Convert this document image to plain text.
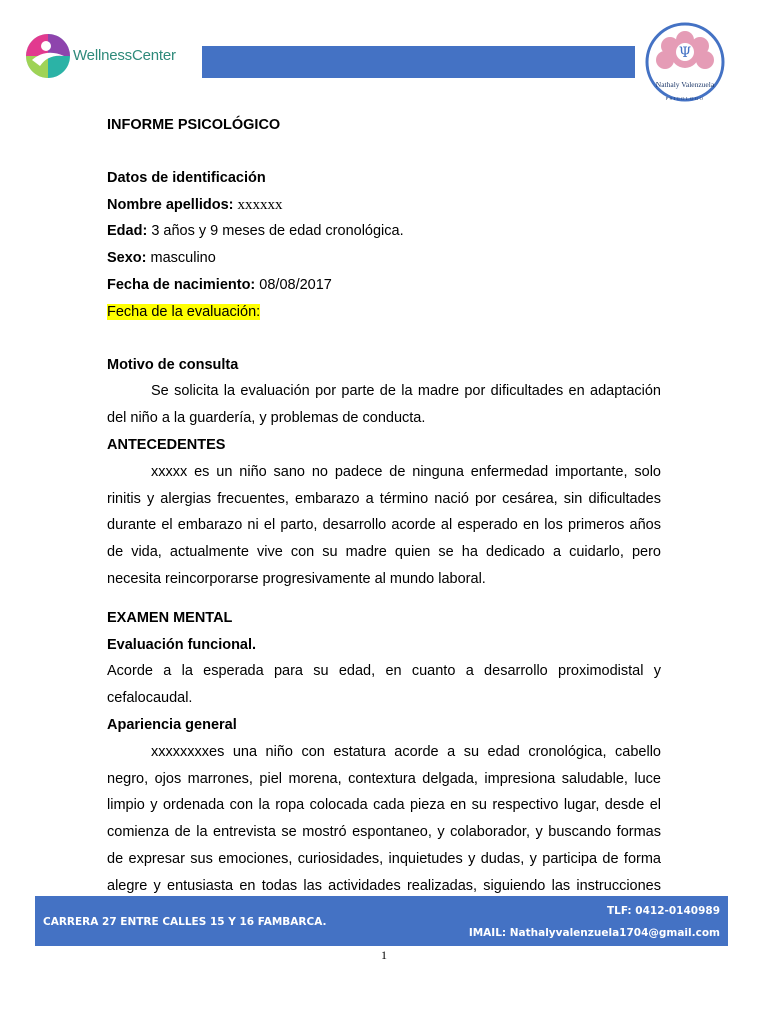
WellnessCenter	Ψ
Nathaly Valenzuela
PSICOLOGO

INFORME PSICOLÓGICO

Datos de identificación

Nombre apellidos: xxxxxx

Edad: 3 años y 9 meses de edad cronológica.

Sexo: masculino

Fecha de nacimiento: 08/08/2017

Fecha de la evaluación:

Motivo de consulta

Se solicita la evaluación por parte de la madre por dificultades en adaptación del niño a la guardería, y problemas de conducta.

ANTECEDENTES

xxxxx es un niño sano no padece de ninguna enfermedad importante, solo rinitis y alergias frecuentes, embarazo a término nació por cesárea, sin dificultades durante el embarazo ni el parto, desarrollo acorde al esperado en los primeros años de vida, actualmente vive con su madre quien se ha dedicado a cuidarlo, pero necesita reincorporarse progresivamente al mundo laboral.

EXAMEN MENTAL

Evaluación funcional.

Acorde a la esperada para su edad, en cuanto a desarrollo proximodistal y cefalocaudal.

Apariencia general

xxxxxxxxes una niño con estatura acorde a su edad cronológica, cabello negro, ojos marrones, piel morena, contextura delgada, impresiona saludable, luce limpio y ordenada con la ropa colocada cada pieza en su respectivo lugar, desde el comienza de la entrevista se mostró espontaneo, y colaborador, y buscando formas de expresar sus emociones, curiosidades, inquietudes y dudas, y participa de forma alegre y entusiasta en todas las actividades realizadas, siguiendo las instrucciones

CARRERA 27 ENTRE CALLES 15 Y 16 FAMBARCA.
TLF: 0412-0140989
IMAIL: Nathalyvalenzuela1704@gmail.com
1
